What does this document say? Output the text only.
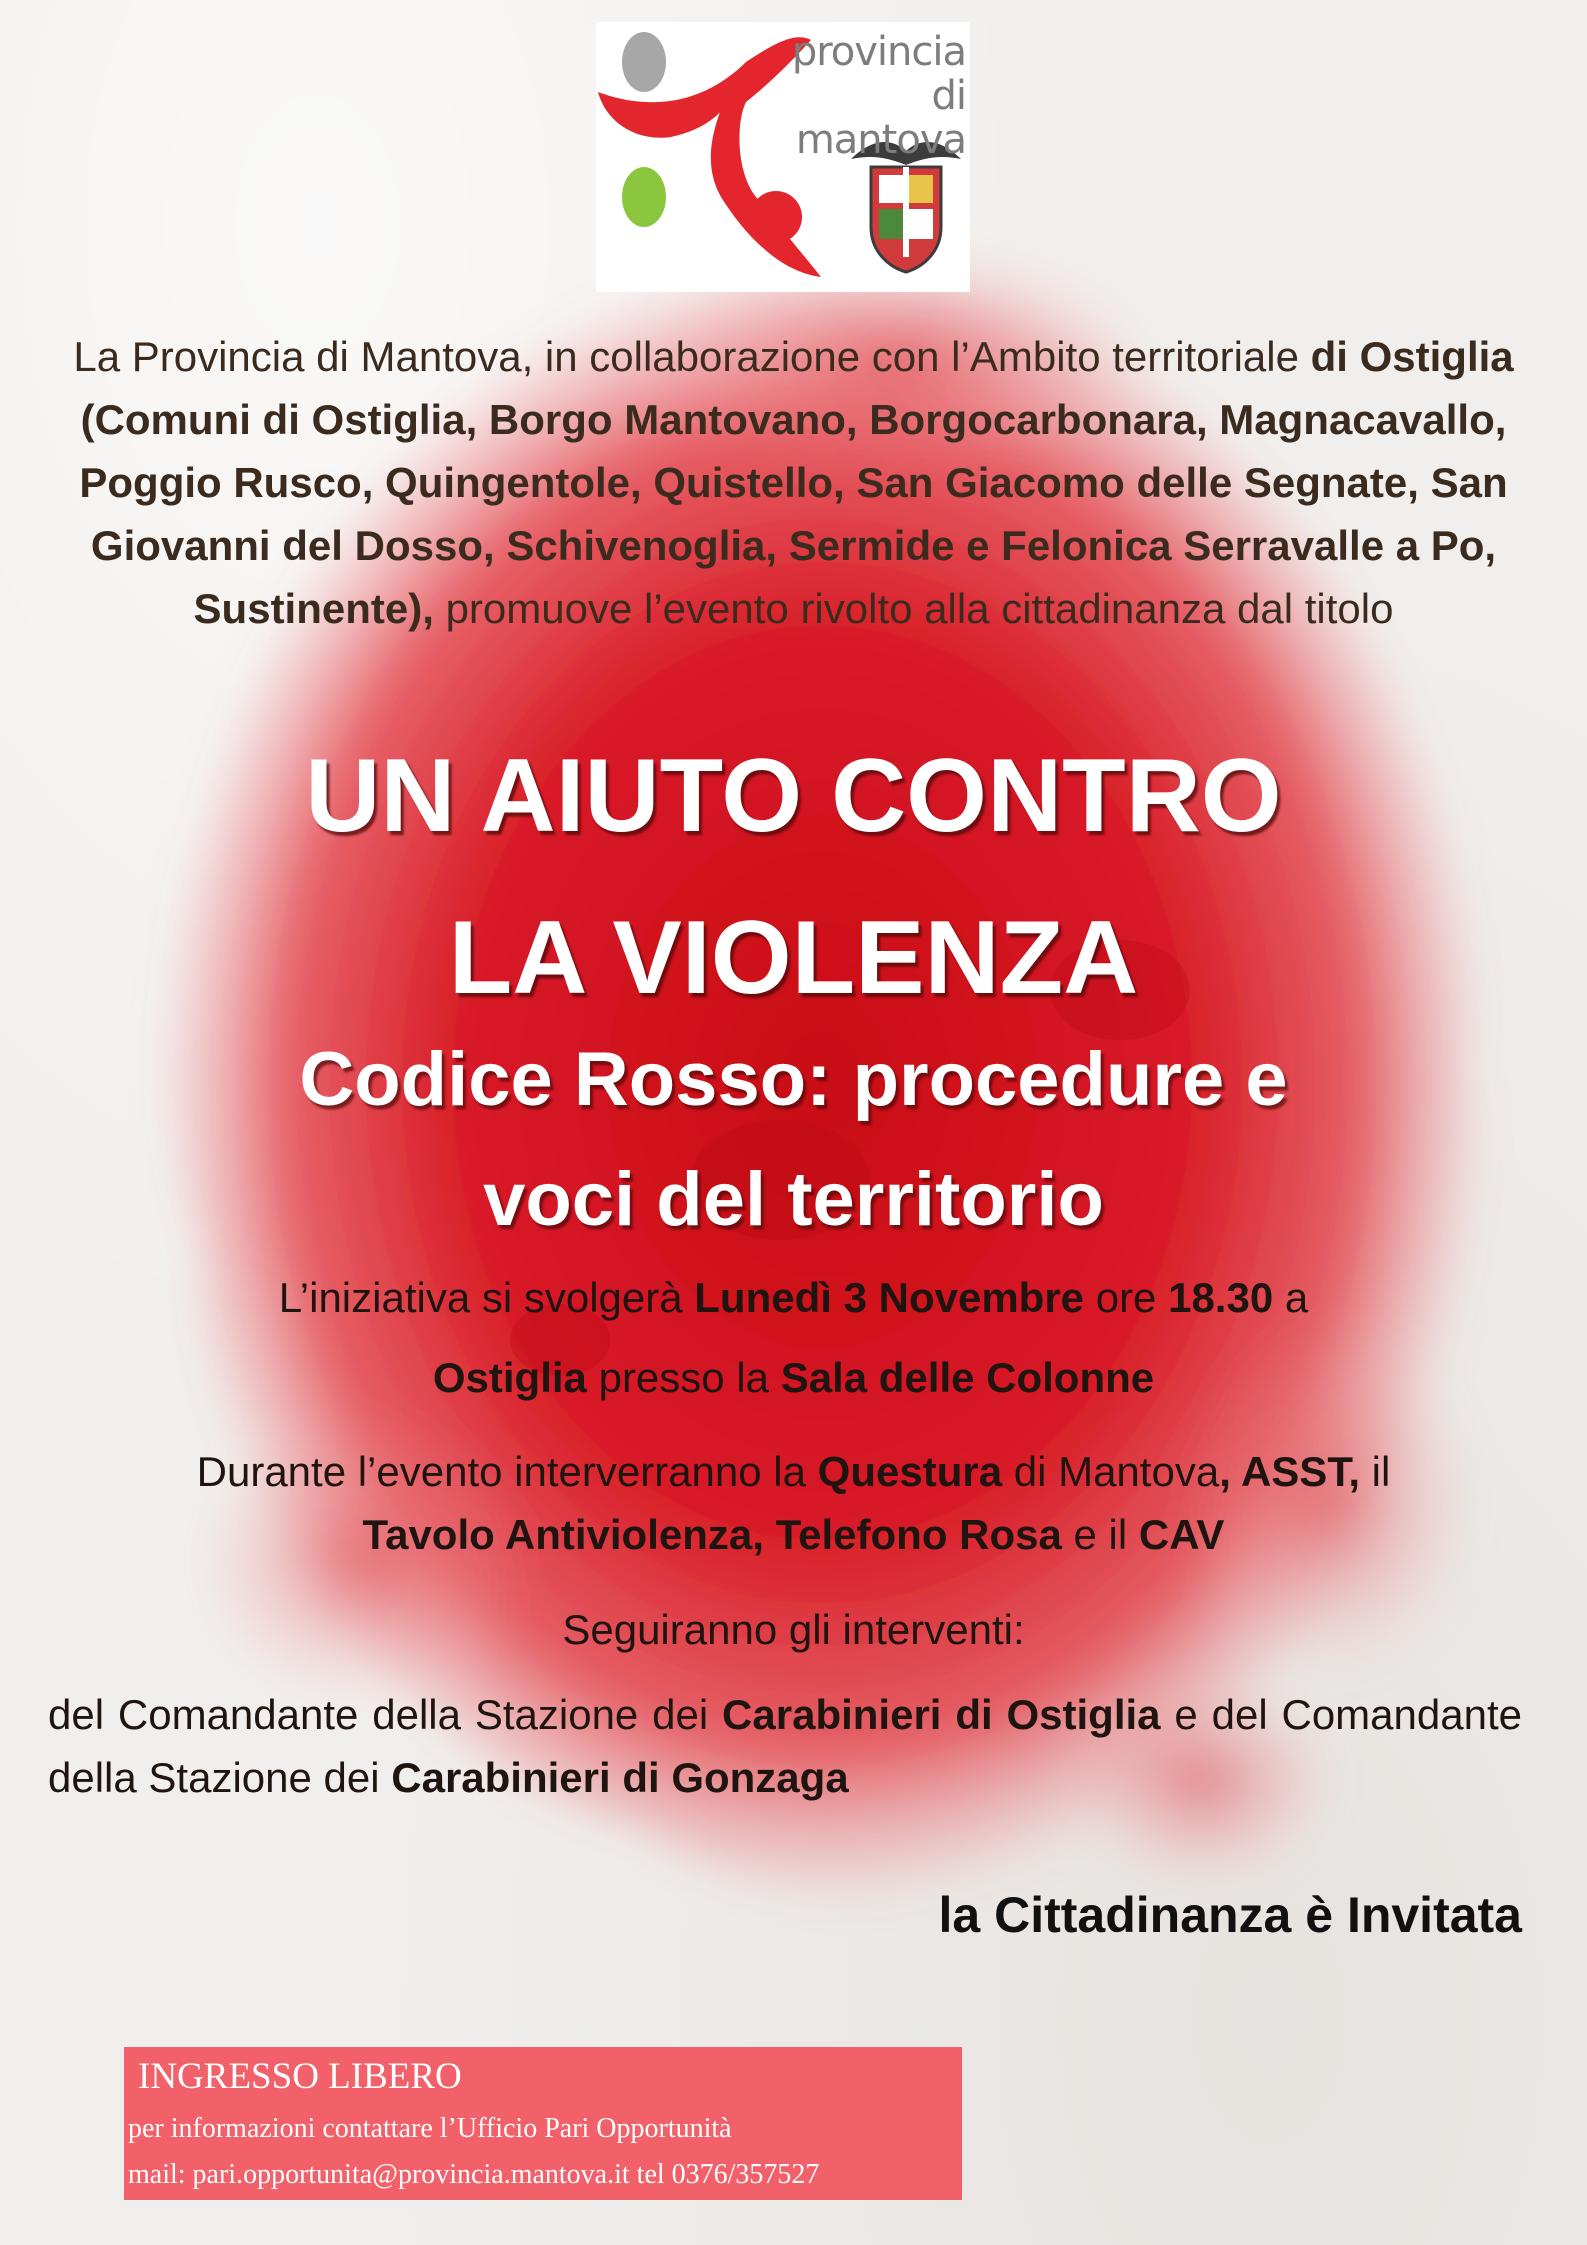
provincia
di mantova
La Provincia di Mantova, in collaborazione con l’Ambito territoriale di Ostiglia (Comuni di Ostiglia, Borgo Mantovano, Borgocarbonara, Magnacavallo, Poggio Rusco, Quingentole, Quistello, San Giacomo delle Segnate, San Giovanni del Dosso, Schivenoglia, Sermide e Felonica Serravalle a Po, Sustinente), promuove l’evento rivolto alla cittadinanza dal titolo
UN AIUTO CONTRO
LA VIOLENZA
Codice Rosso: procedure e
voci del territorio
L’iniziativa si svolgerà Lunedì 3 Novembre ore 18.30 a
Ostiglia presso la Sala delle Colonne
Durante l’evento interverranno la Questura di Mantova, ASST, il
Tavolo Antiviolenza, Telefono Rosa e il CAV
Seguiranno gli interventi:
del Comandante della Stazione dei Carabinieri di Ostiglia e del Comandante della Stazione dei Carabinieri di Gonzaga
la Cittadinanza è Invitata
INGRESSO LIBERO
per informazioni contattare l’Ufficio Pari Opportunità
mail: pari.opportunita@provincia.mantova.it tel 0376/357527
